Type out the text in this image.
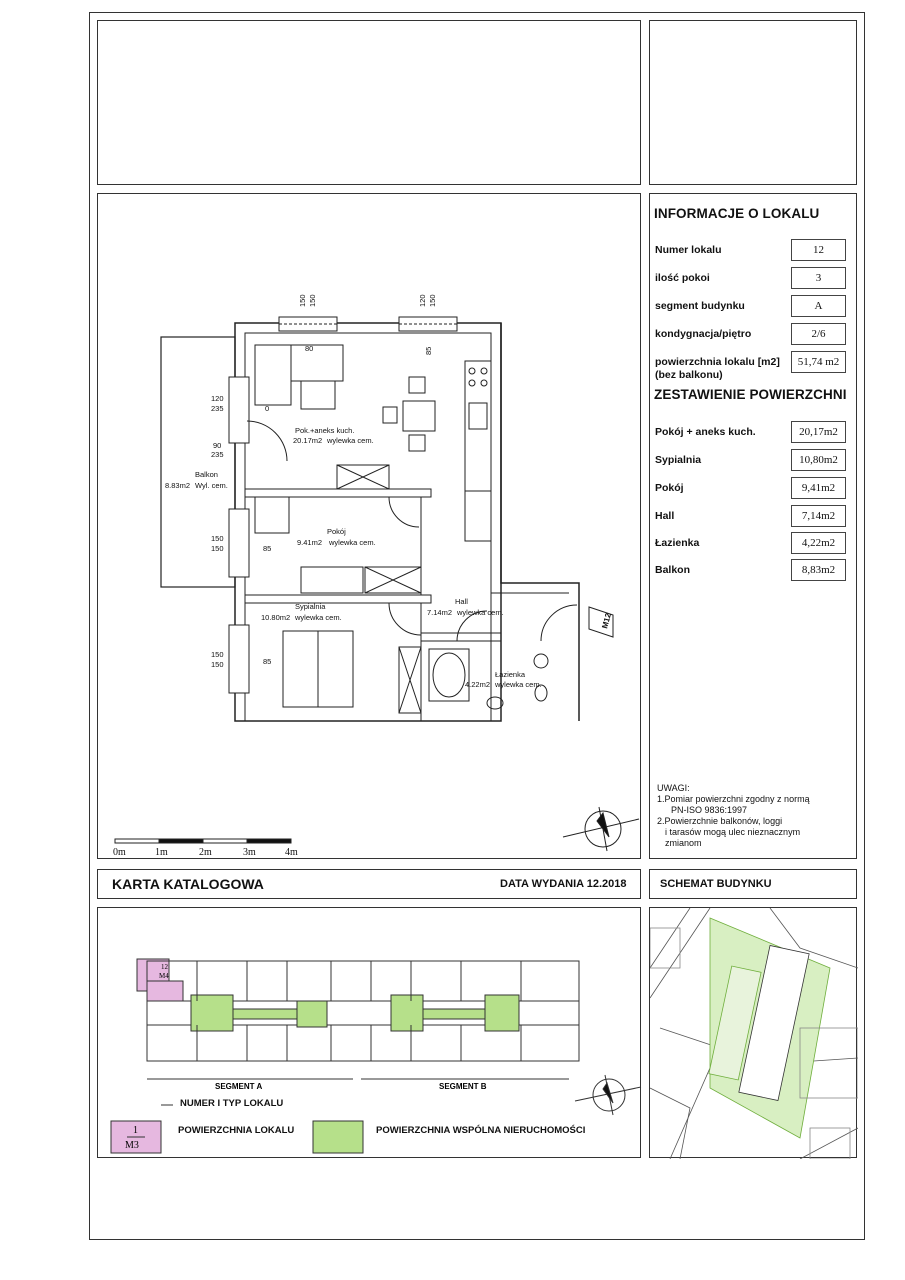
Pok.+aneks kuch.
20.17m2 wylewka cem.
Balkon
8.83m2 Wyl. cem.
Pokój
9.41m2 wylewka cem.
Sypialnia
10.80m2 wylewka cem.
Hall
7.14m2 wylewka cem.
Łazienka
4.22m2 wylewka cem.
150 150	120 150
120
235
90
235
150
150	85
150
150	85
85
0
80
M12
0m	1m	2m	3m	4m
INFORMACJE O LOKALU
Numer lokalu	12
ilość pokoi	3
segment budynku	A
kondygnacja/piętro	2/6
powierzchnia lokalu [m2]
(bez balkonu)
51,74 m2
ZESTAWIENIE POWIERZCHNI
Pokój + aneks kuch.	20,17m2
Sypialnia	10,80m2
Pokój	9,41m2
Hall	7,14m2
Łazienka	4,22m2
Balkon	8,83m2
UWAGI:
1.Pomiar powierzchni zgodny z normą
PN-ISO 9836:1997
2.Powierzchnie balkonów, loggi
i tarasów mogą ulec nieznacznym
zmianom
KARTA KATALOGOWA	DATA WYDANIA 12.2018	SCHEMAT BUDYNKU
12
M4
SEGMENT A	SEGMENT B
1
M3
NUMER I TYP LOKALU
POWIERZCHNIA LOKALU	POWIERZCHNIA WSPÓLNA NIERUCHOMOŚCI
